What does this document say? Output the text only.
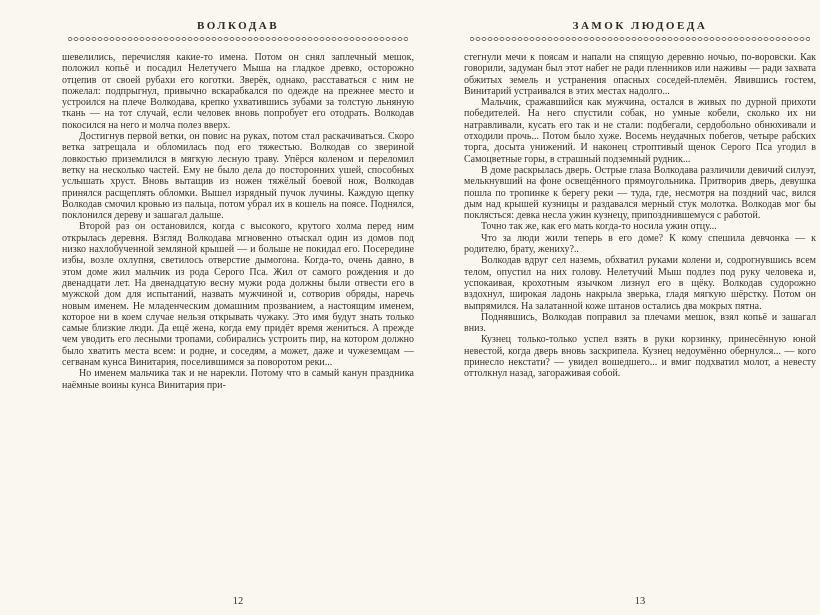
ВОЛКОДАВ

шевелились, перечисляя какие-то имена. Потом он снял заплечный мешок, положил копьё и посадил Нелетучего Мыша на гладкое древко, осторожно отцепив от своей рубахи его коготки. Зверёк, однако, расставаться с ним не пожелал: подпрыгнул, привычно вскарабкался по одежде на прежнее место и устроился на плече Волкодава, крепко ухватившись зубами за толстую льняную ткань — на тот случай, если человек вновь попробует его отодрать. Волкодав покосился на него и молча полез вверх.

Достигнув первой ветки, он повис на руках, потом стал раскачиваться. Скоро ветка затрещала и обломилась под его тяжестью. Волкодав со звериной ловкостью приземлился в мягкую лесную траву. Упёрся коленом и переломил ветку на несколько частей. Ему не было дела до посторонних ушей, способных услышать хруст. Вновь вытащив из ножен тяжёлый боевой нож, Волкодав принялся расщеплять обломки. Вышел изрядный пучок лучины. Каждую щепку Волкодав смочил кровью из пальца, потом убрал их в кошель на поясе. Поднялся, поклонился дереву и зашагал дальше.

Второй раз он остановился, когда с высокого, крутого холма перед ним открылась деревня. Взгляд Волкодава мгновенно отыскал один из домов под низко нахлобученной земляной крышей — и больше не покидал его. Посередине избы, возле охлупня, светилось отверстие дымогона. Когда-то, очень давно, в этом доме жил мальчик из рода Серого Пса. Жил от самого рождения и до двенадцати лет. На двенадцатую весну мужи рода должны были отвести его в мужской дом для испытаний, назвать мужчиной и, сотворив обряды, наречь новым именем. Не младенческим домашним прозванием, а настоящим именем, которое ни в коем случае нельзя открывать чужаку. Это имя будут знать только самые близкие люди. Да ещё жена, когда ему придёт время жениться. А прежде чем уводить его лесными тропами, собирались устроить пир, на котором должно было хватить места всем: и родне, и соседям, а может, даже и чужеземцам — сегванам кунса Винитария, поселившимся за поворотом реки...

Но именем мальчика так и не нарекли. Потому что в самый канун праздника наёмные воины кунса Винитария при-

12
ЗАМОК ЛЮДОЕДА

стегнули мечи к поясам и напали на спящую деревню ночью, по-воровски. Как говорили, задуман был этот набег не ради пленников или наживы — ради захвата обжитых земель и устранения опасных соседей-племён. Явившись гостем, Винитарий устраивался в этих местах надолго...

Мальчик, сражавшийся как мужчина, остался в живых по дурной прихоти победителей. На него спустили собак, но умные кобели, сколько их ни натравливали, кусать его так и не стали: подбегали, сердобольно обнюхивали и отходили прочь... Потом было хуже. Восемь неудачных побегов, четыре рабских торга, досыта унижений. И наконец строптивый щенок Серого Пса угодил в Самоцветные горы, в страшный подземный рудник...

В доме раскрылась дверь. Острые глаза Волкодава различили девичий силуэт, мелькнувший на фоне освещённого прямоугольника. Притворив дверь, девушка пошла по тропинке к берегу реки — туда, где, несмотря на поздний час, вился дым над крышей кузницы и раздавался мерный стук молотка. Волкодав мог бы поклясться: девка несла ужин кузнецу, припозднившемуся с работой.

Точно так же, как его мать когда-то носила ужин отцу...

Что за люди жили теперь в его доме? К кому спешила девчонка — к родителю, брату, жениху?..

Волкодав вдруг сел наземь, обхватил руками колени и, содрогнувшись всем телом, опустил на них голову. Нелетучий Мыш подлез под руку человека и, успокаивая, крохотным язычком лизнул его в щёку. Волкодав судорожно вздохнул, широкая ладонь накрыла зверька, гладя мягкую шёрстку. Потом он выпрямился. На залатанной коже штанов остались два мокрых пятна.

Поднявшись, Волкодав поправил за плечами мешок, взял копьё и зашагал вниз.

Кузнец только-только успел взять в руки корзинку, принесённую юной невестой, когда дверь вновь заскрипела. Кузнец недоумённо обернулся... — кого принесло некстати? — увидел вошедшего... и вмиг подхватил молот, а невесту оттолкнул назад, загораживая собой.

13
